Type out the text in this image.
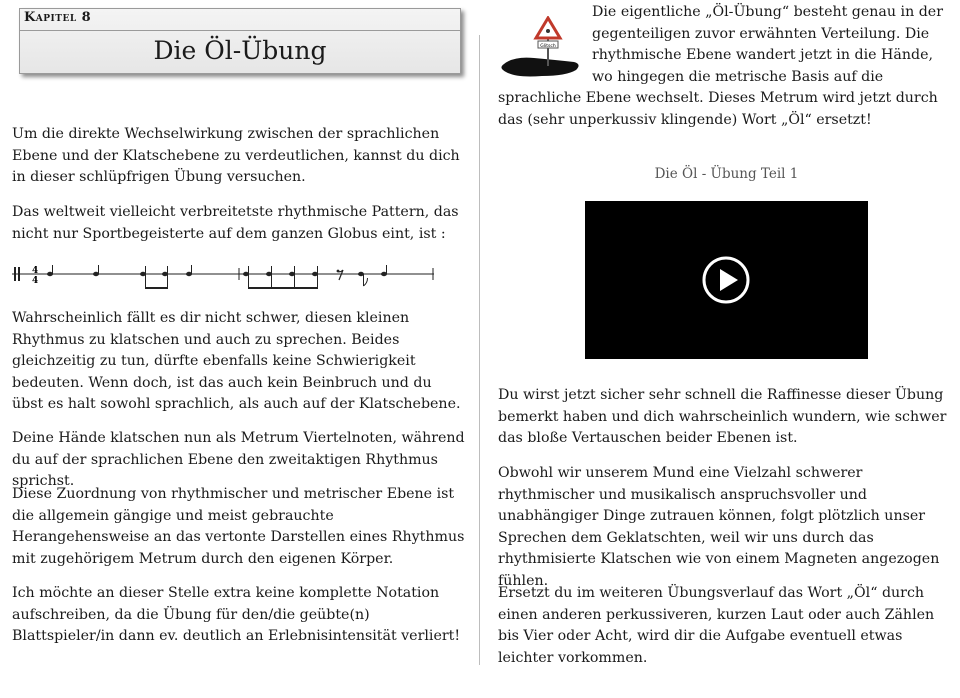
Kapitel 8
Die Öl-Übung

Um die direkte Wechselwirkung zwischen der sprachlichen Ebene und der Klatschebene zu verdeutlichen, kannst du dich in dieser schlüpfrigen Übung versuchen.

Das weltweit vielleicht verbreitetste rhythmische Pattern, das nicht nur Sportbegeisterte auf dem ganzen Globus eint, ist :

Wahrscheinlich fällt es dir nicht schwer, diesen kleinen Rhythmus zu klatschen und auch zu sprechen. Beides gleichzeitig zu tun, dürfte ebenfalls keine Schwierigkeit bedeuten. Wenn doch, ist das auch kein Beinbruch und du übst es halt sowohl sprachlich, als auch auf der Klatschebene.

Deine Hände klatschen nun als Metrum Viertelnoten, während du auf der sprachlichen Ebene den zweitaktigen Rhythmus sprichst.

Diese Zuordnung von rhythmischer und metrischer Ebene ist die allgemein gängige und meist gebrauchte Herangehensweise an das vertonte Darstellen eines Rhythmus mit zugehörigem Metrum durch den eigenen Körper.

Ich möchte an dieser Stelle extra keine komplette Notation aufschreiben, da die Übung für den/die geübte(n) Blattspieler/in dann ev. deutlich an Erlebnisintensität verliert!

4
4
Glitsch

Die eigentliche „Öl-Übung“ besteht genau in der gegenteiligen zuvor erwähnten Verteilung. Die rhythmische Ebene wandert jetzt in die Hände, wo hingegen die metrische Basis auf die sprachliche Ebene wechselt. Dieses Metrum wird jetzt durch das (sehr unperkussiv klingende) Wort „Öl“ ersetzt!

Die Öl - Übung Teil 1

Du wirst jetzt sicher sehr schnell die Raffinesse dieser Übung bemerkt haben und dich wahrscheinlich wundern, wie schwer das bloße Vertauschen beider Ebenen ist.

Obwohl wir unserem Mund eine Vielzahl schwerer rhythmischer und musikalisch anspruchsvoller und unabhängiger Dinge zutrauen können, folgt plötzlich unser Sprechen dem Geklatschten, weil wir uns durch das rhythmisierte Klatschen wie von einem Magneten angezogen fühlen.

Ersetzt du im weiteren Übungsverlauf das Wort „Öl“ durch einen anderen perkussiveren, kurzen Laut oder auch Zählen bis Vier oder Acht, wird dir die Aufgabe eventuell etwas leichter vorkommen.
